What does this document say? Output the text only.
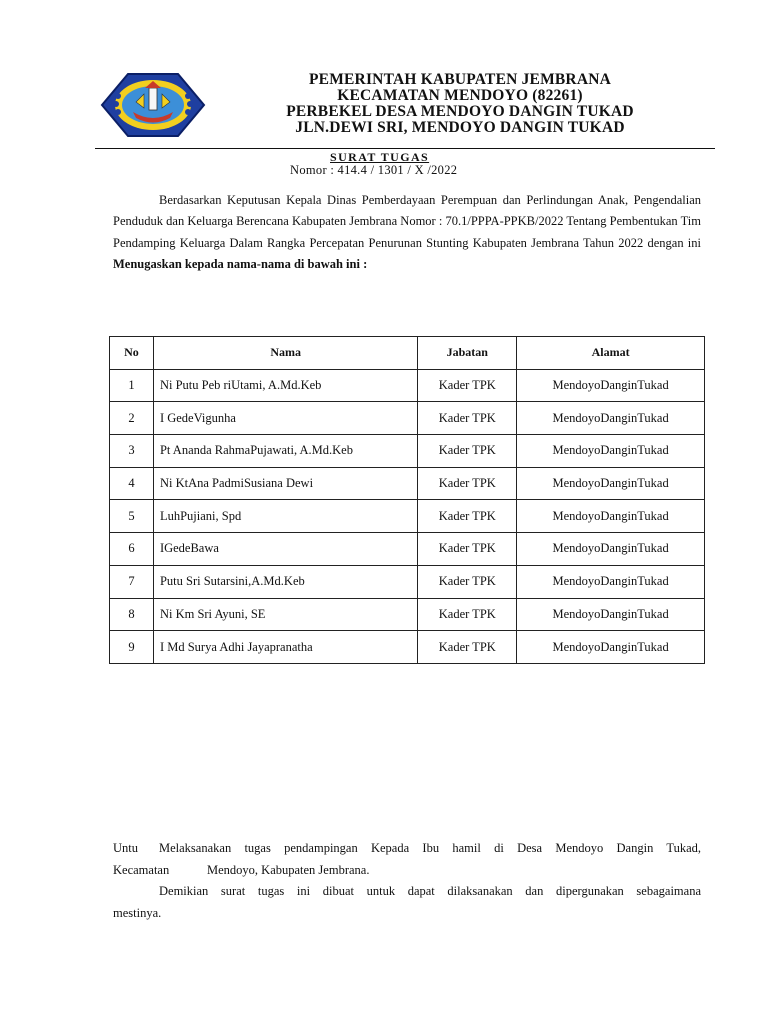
PEMERINTAH KABUPATEN JEMBRANA
KECAMATAN MENDOYO (82261)
PERBEKEL DESA MENDOYO DANGIN TUKAD
JLN.DEWI SRI, MENDOYO DANGIN TUKAD
SURAT TUGAS
Nomor : 414.4 / 1301 / X /2022

Berdasarkan Keputusan Kepala Dinas Pemberdayaan Perempuan dan Perlindungan Anak, Pengendalian Penduduk dan Keluarga Berencana Kabupaten Jembrana Nomor : 70.1/PPPA-PPKB/2022 Tentang Pembentukan Tim Pendamping Keluarga Dalam Rangka Percepatan Penurunan Stunting Kabupaten Jembrana Tahun 2022 dengan ini Menugaskan kepada nama-nama di bawah ini :

No	Nama	Jabatan	Alamat
1	Ni Putu Peb riUtami, A.Md.Keb	Kader TPK	MendoyoDanginTukad
2	I GedeVigunha	Kader TPK	MendoyoDanginTukad
3	Pt Ananda RahmaPujawati, A.Md.Keb	Kader TPK	MendoyoDanginTukad
4	Ni KtAna PadmiSusiana Dewi	Kader TPK	MendoyoDanginTukad
5	LuhPujiani, Spd	Kader TPK	MendoyoDanginTukad
6	IGedeBawa	Kader TPK	MendoyoDanginTukad
7	Putu Sri Sutarsini,A.Md.Keb	Kader TPK	MendoyoDanginTukad
8	Ni Km Sri Ayuni, SE	Kader TPK	MendoyoDanginTukad
9	I Md Surya Adhi Jayapranatha	Kader TPK	MendoyoDanginTukad
Untu Melaksanakan tugas pendampingan Kepada Ibu hamil di Desa Mendoyo Dangin Tukad,
Kecamatan	Mendoyo, Kabupaten Jembrana.
Demikian surat tugas ini dibuat untuk dapat dilaksanakan dan dipergunakan sebagaimana
mestinya.
